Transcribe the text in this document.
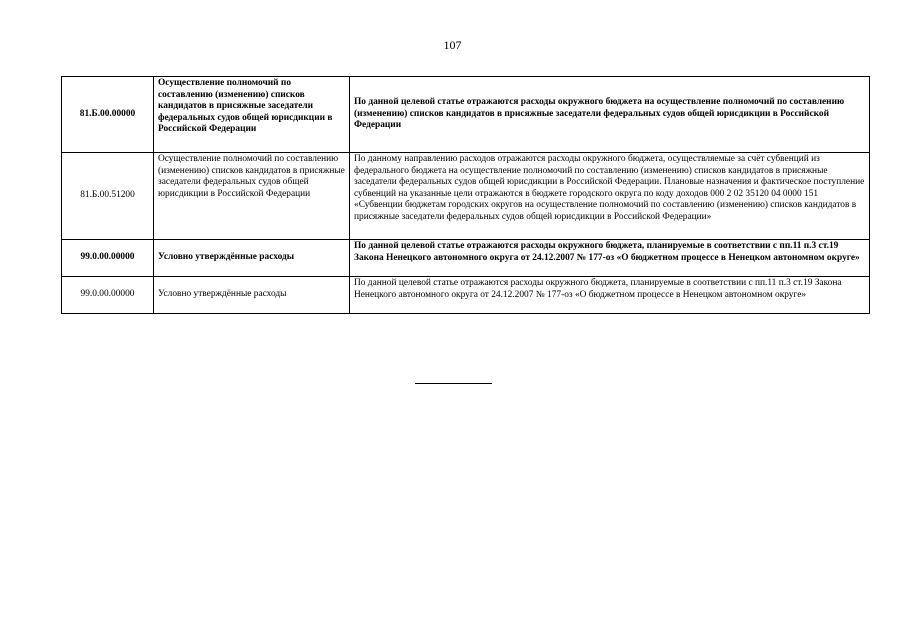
107
81.Б.00.00000	Осуществление полномочий по составлению (изменению) списков кандидатов в присяжные заседатели федеральных судов общей юрисдикции в Российской Федерации	По данной целевой статье отражаются расходы окружного бюджета на осуществление полномочий по составлению (изменению) списков кандидатов в присяжные заседатели федеральных судов общей юрисдикции в Российской Федерации
81.Б.00.51200	Осуществление полномочий по составлению (изменению) списков кандидатов в присяжные заседатели федеральных судов общей юрисдикции в Российской Федерации	По данному направлению расходов отражаются расходы окружного бюджета, осуществляемые за счёт субвенций из федерального бюджета на осуществление полномочий по составлению (изменению) списков кандидатов в присяжные заседатели федеральных судов общей юрисдикции в Российской Федерации. Плановые назначения и фактическое поступление субвенций на указанные цели отражаются в бюджете городского округа по коду доходов 000 2 02 35120 04 0000 151 «Субвенции бюджетам городских округов на осуществление полномочий по составлению (изменению) списков кандидатов в присяжные заседатели федеральных судов общей юрисдикции в Российской Федерации»
99.0.00.00000	Условно утверждённые расходы	По данной целевой статье отражаются расходы окружного бюджета, планируемые в соответствии с пп.11 п.3 ст.19 Закона Ненецкого автономного округа от 24.12.2007 № 177-оз «О бюджетном процессе в Ненецком автономном округе»
99.0.00.00000	Условно утверждённые расходы	По данной целевой статье отражаются расходы окружного бюджета, планируемые в соответствии с пп.11 п.3 ст.19 Закона Ненецкого автономного округа от 24.12.2007 № 177-оз «О бюджетном процессе в Ненецком автономном округе»
